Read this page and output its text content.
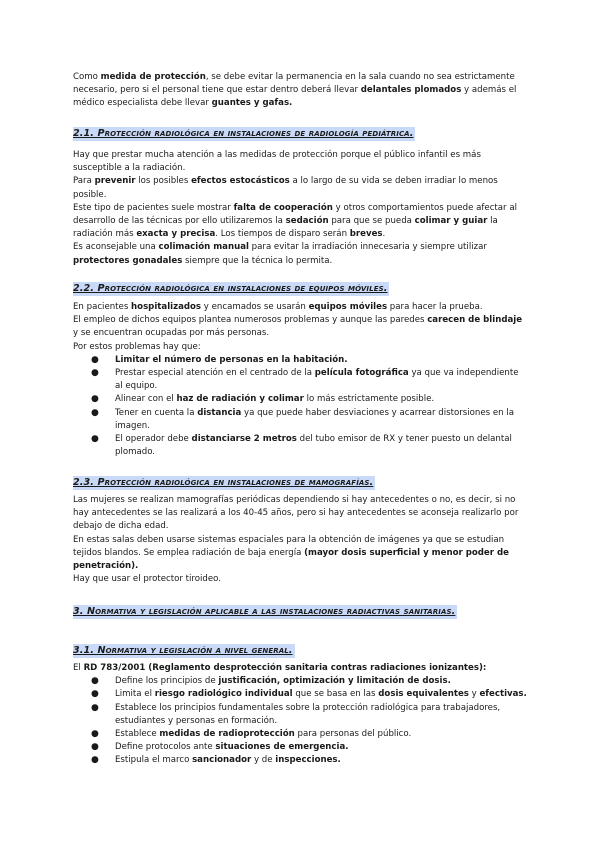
Como medida de protección, se debe evitar la permanencia en la sala cuando no sea estrictamente necesario, pero si el personal tiene que estar dentro deberá llevar delantales plomados y además el médico especialista debe llevar guantes y gafas.

2.1. Protección radiológica en instalaciones de radiología pediátrica.

Hay que prestar mucha atención a las medidas de protección porque el público infantil es más susceptible a la radiación.

Para prevenir los posibles efectos estocásticos a lo largo de su vida se deben irradiar lo menos posible.

Este tipo de pacientes suele mostrar falta de cooperación y otros comportamientos puede afectar al desarrollo de las técnicas por ello utilizaremos la sedación para que se pueda colimar y guiar la radiación más exacta y precisa. Los tiempos de disparo serán breves.

Es aconsejable una colimación manual para evitar la irradiación innecesaria y siempre utilizar protectores gonadales siempre que la técnica lo permita.

2.2. Protección radiológica en instalaciones de equipos móviles.

En pacientes hospitalizados y encamados se usarán equipos móviles para hacer la prueba.

El empleo de dichos equipos plantea numerosos problemas y aunque las paredes carecen de blindaje y se encuentran ocupadas por más personas.

Por estos problemas hay que:

● Limitar el número de personas en la habitación.
● Prestar especial atención en el centrado de la película fotográfica ya que va independiente al equipo.
● Alinear con el haz de radiación y colimar lo más estrictamente posible.
● Tener en cuenta la distancia ya que puede haber desviaciones y acarrear distorsiones en la imagen.
● El operador debe distanciarse 2 metros del tubo emisor de RX y tener puesto un delantal plomado.
2.3. Protección radiológica en instalaciones de mamografías.

Las mujeres se realizan mamografías periódicas dependiendo si hay antecedentes o no, es decir, si no hay antecedentes se las realizará a los 40-45 años, pero si hay antecedentes se aconseja realizarlo por debajo de dicha edad.

En estas salas deben usarse sistemas espaciales para la obtención de imágenes ya que se estudian tejidos blandos. Se emplea radiación de baja energía (mayor dosis superficial y menor poder de penetración).

Hay que usar el protector tiroideo.

3. Normativa y legislación aplicable a las instalaciones radiactivas sanitarias.
3.1. Normativa y legislación a nivel general.

El RD 783/2001 (Reglamento desprotección sanitaria contras radiaciones ionizantes):

● Define los principios de justificación, optimización y limitación de dosis.
● Limita el riesgo radiológico individual que se basa en las dosis equivalentes y efectivas.
● Establece los principios fundamentales sobre la protección radiológica para trabajadores, estudiantes y personas en formación.
● Establece medidas de radioprotección para personas del público.
● Define protocolos ante situaciones de emergencia.
● Estipula el marco sancionador y de inspecciones.
